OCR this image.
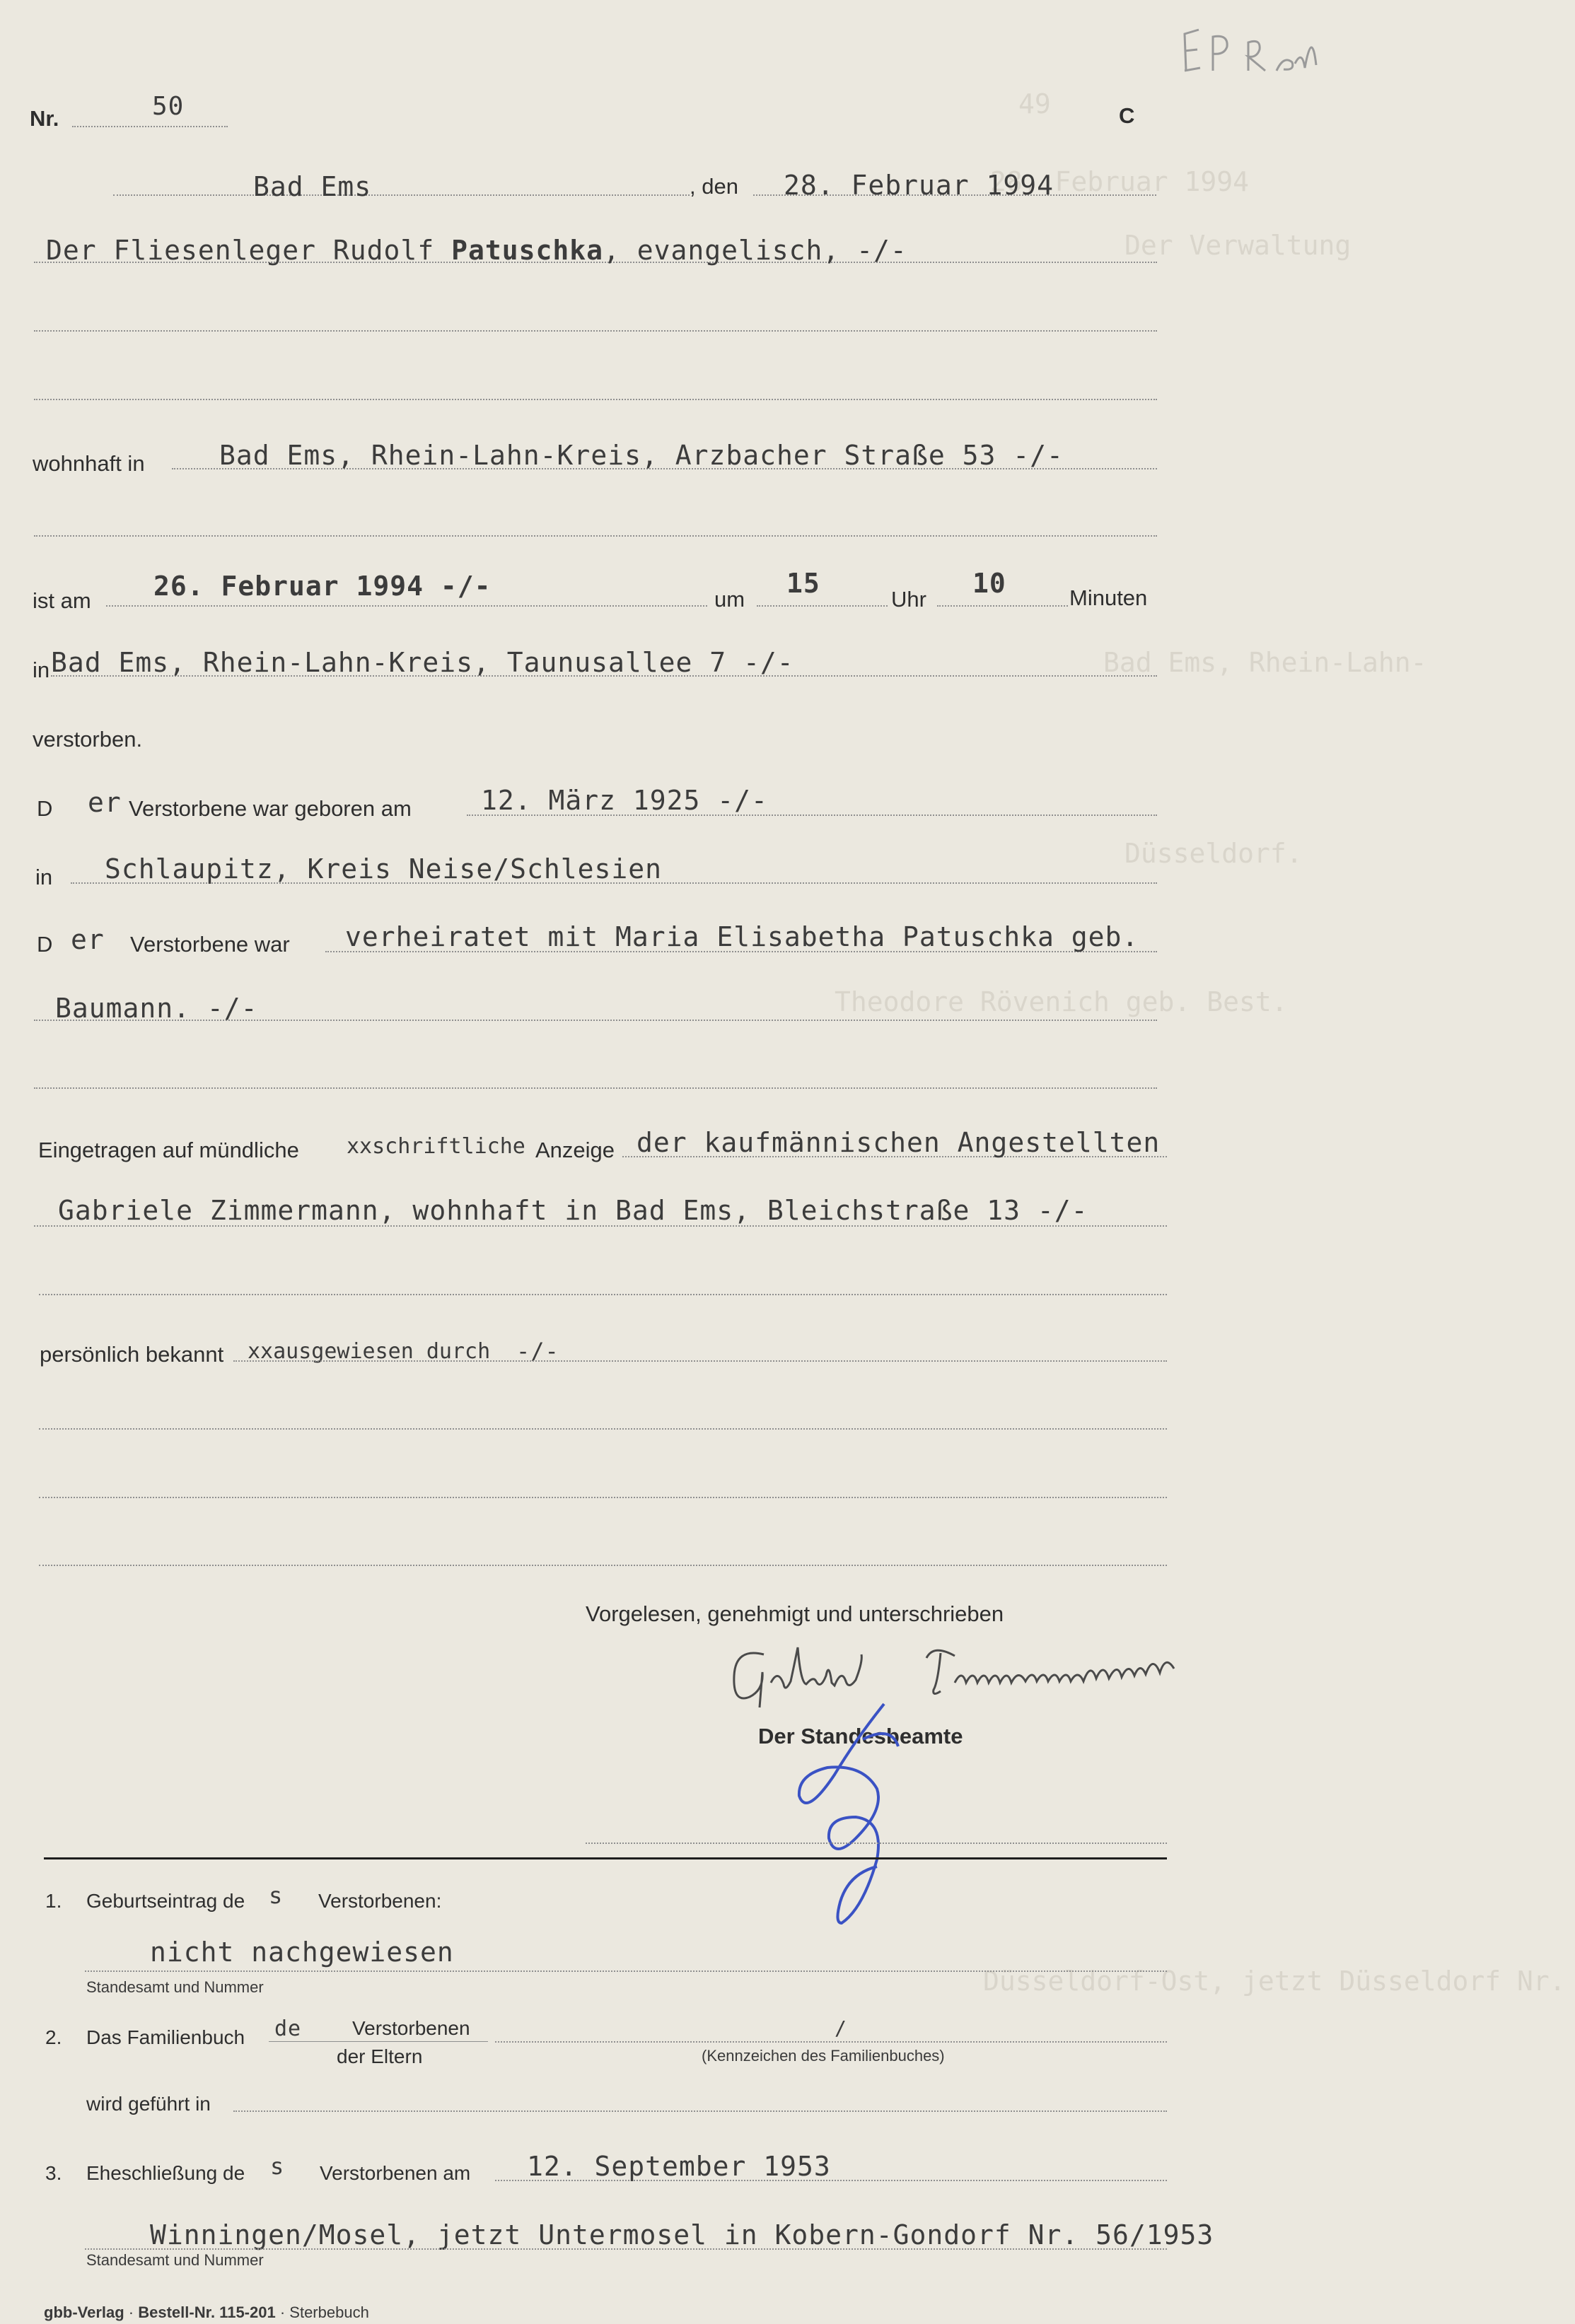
49
28. Februar 1994
Der Verwaltung
Bad Ems, Rhein-Lahn-
Düsseldorf.
Theodore Rövenich geb. Best.
Düsseldorf-Ost, jetzt Düsseldorf Nr.
Nr.	50	C
Bad Ems	, den 28. Februar 1994
Der Fliesenleger Rudolf Patuschka, evangelisch, -/-
wohnhaft in	Bad Ems, Rhein-Lahn-Kreis, Arzbacher Straße 53 -/-
ist am 26. Februar 1994 -/-	um
15
Uhr
10	Minuten
in Bad Ems, Rhein-Lahn-Kreis, Taunusallee 7 -/-
verstorben.
D er Verstorbene war geboren am	12. März 1925 -/-
in Schlaupitz, Kreis Neise/Schlesien
D er Verstorbene war verheiratet mit Maria Elisabetha Patuschka geb.
Baumann. -/-
Eingetragen auf mündliche xxschriftliche Anzeige der kaufmännischen Angestellten
Gabriele Zimmermann, wohnhaft in Bad Ems, Bleichstraße 13 -/-
persönlich bekannt xxausgewiesen durch -/-
Vorgelesen, genehmigt und unterschrieben
Der Standesbeamte
1. Geburtseintrag de s Verstorbenen:
nicht nachgewiesen
Standesamt und Nummer
2. Das Familienbuch de	Verstorbenen
der Eltern
/
(Kennzeichen des Familienbuches)
wird geführt in
3. Eheschließung de s Verstorbenen am 12. September 1953
Winningen/Mosel, jetzt Untermosel in Kobern-Gondorf Nr. 56/1953
Standesamt und Nummer
gbb-Verlag · Bestell-Nr. 115-201 · Sterbebuch
